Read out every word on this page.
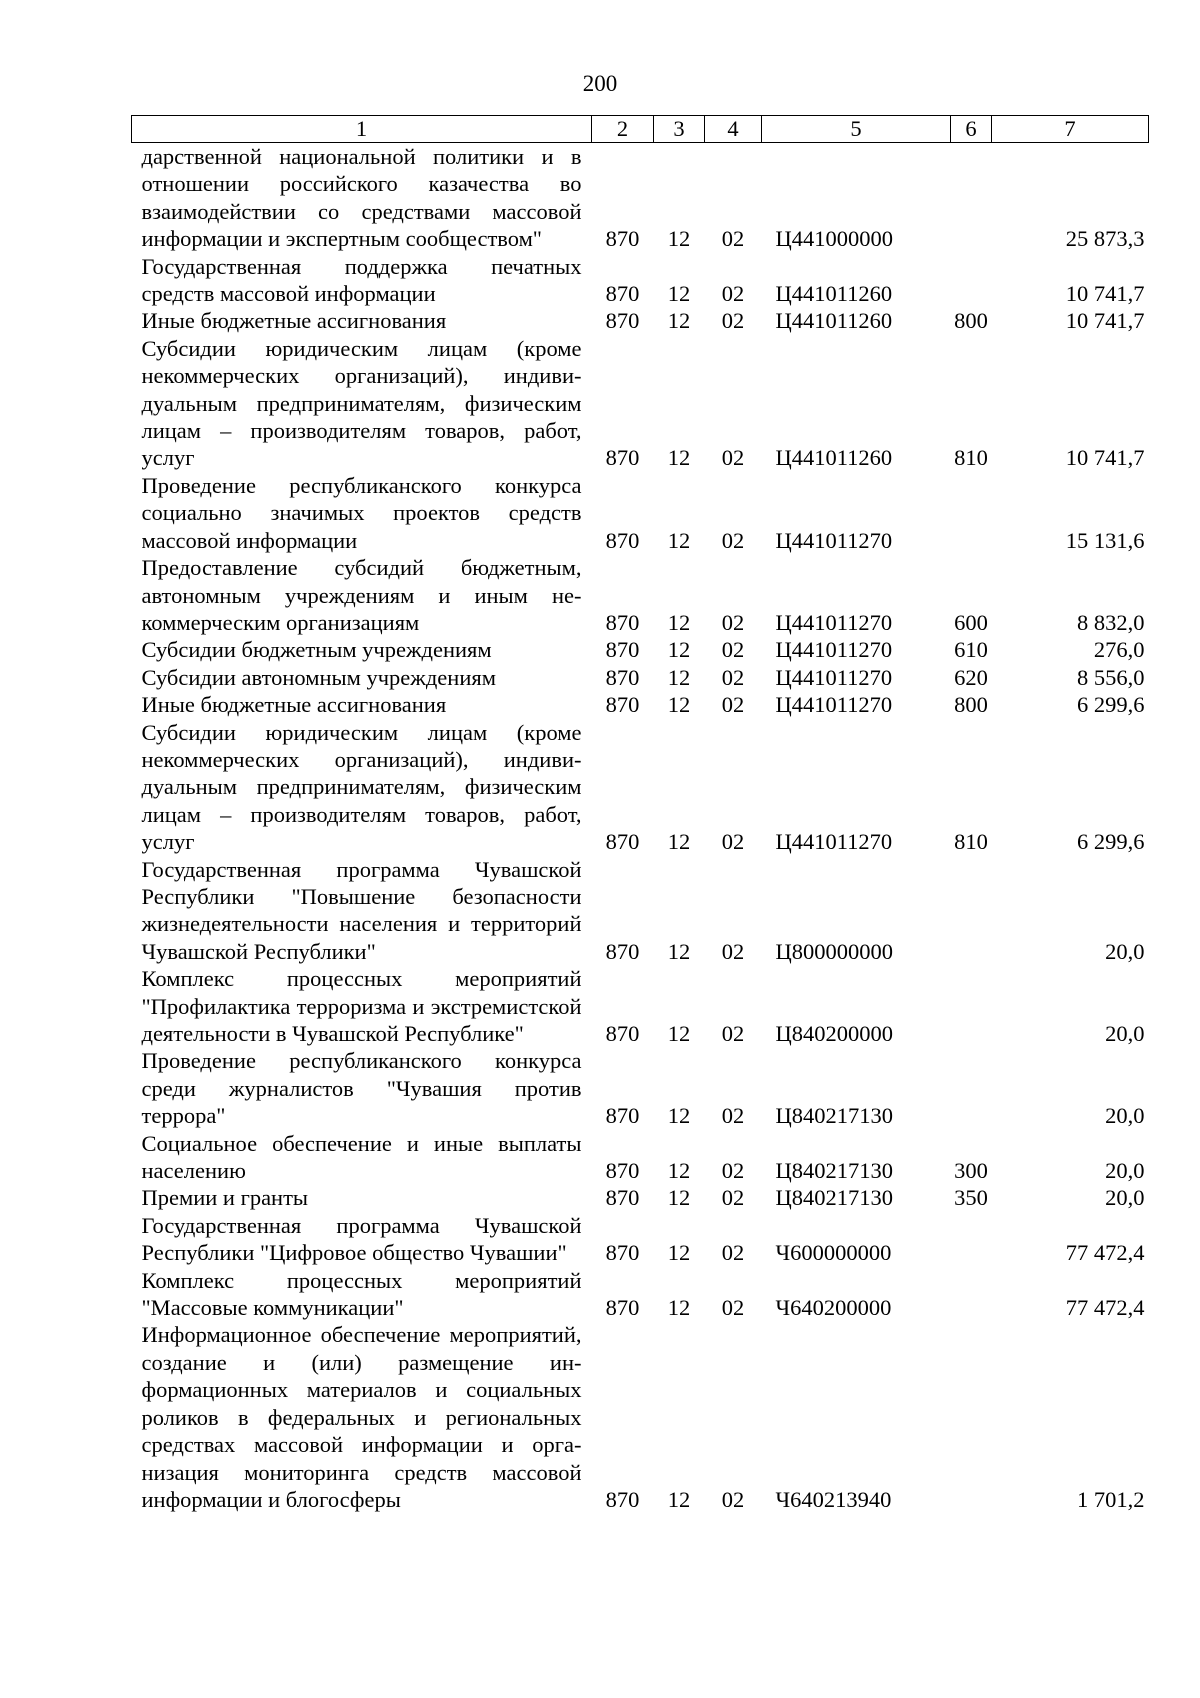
200
1	2	3	4	5	6	7
дарственной национальной политики и в отношении российского казачества во взаимодействии со средствами массовой информации и экспертным сообществом"	870	12	02	Ц441000000		25 873,3
Государственная поддержка печатных средств массовой информации	870	12	02	Ц441011260		10 741,7
Иные бюджетные ассигнования	870	12	02	Ц441011260	800	10 741,7
Субсидии юридическим лицам (кроме некоммерческих организаций), индивидуальным предпринимателям, физическим лицам – производителям товаров, работ, услуг	870	12	02	Ц441011260	810	10 741,7
Проведение республиканского конкурса социально значимых проектов средств массовой информации	870	12	02	Ц441011270		15 131,6
Предоставление субсидий бюджетным, автономным учреждениям и иным некоммерческим организациям	870	12	02	Ц441011270	600	8 832,0
Субсидии бюджетным учреждениям	870	12	02	Ц441011270	610	276,0
Субсидии автономным учреждениям	870	12	02	Ц441011270	620	8 556,0
Иные бюджетные ассигнования	870	12	02	Ц441011270	800	6 299,6
Субсидии юридическим лицам (кроме некоммерческих организаций), индивидуальным предпринимателям, физическим лицам – производителям товаров, работ, услуг	870	12	02	Ц441011270	810	6 299,6
Государственная программа Чувашской Республики "Повышение безопасности жизнедеятельности населения и территорий Чувашской Республики"	870	12	02	Ц800000000		20,0
Комплекс процессных мероприятий "Профилактика терроризма и экстремистской деятельности в Чувашской Республике"	870	12	02	Ц840200000		20,0
Проведение республиканского конкурса среди журналистов "Чувашия против террора"	870	12	02	Ц840217130		20,0
Социальное обеспечение и иные выплаты населению	870	12	02	Ц840217130	300	20,0
Премии и гранты	870	12	02	Ц840217130	350	20,0
Государственная программа Чувашской Республики "Цифровое общество Чувашии"	870	12	02	Ч600000000		77 472,4
Комплекс процессных мероприятий "Массовые коммуникации"	870	12	02	Ч640200000		77 472,4
Информационное обеспечение мероприятий, создание и (или) размещение информационных материалов и социальных роликов в федеральных и региональных средствах массовой информации и организация мониторинга средств массовой информации и блогосферы	870	12	02	Ч640213940		1 701,2
